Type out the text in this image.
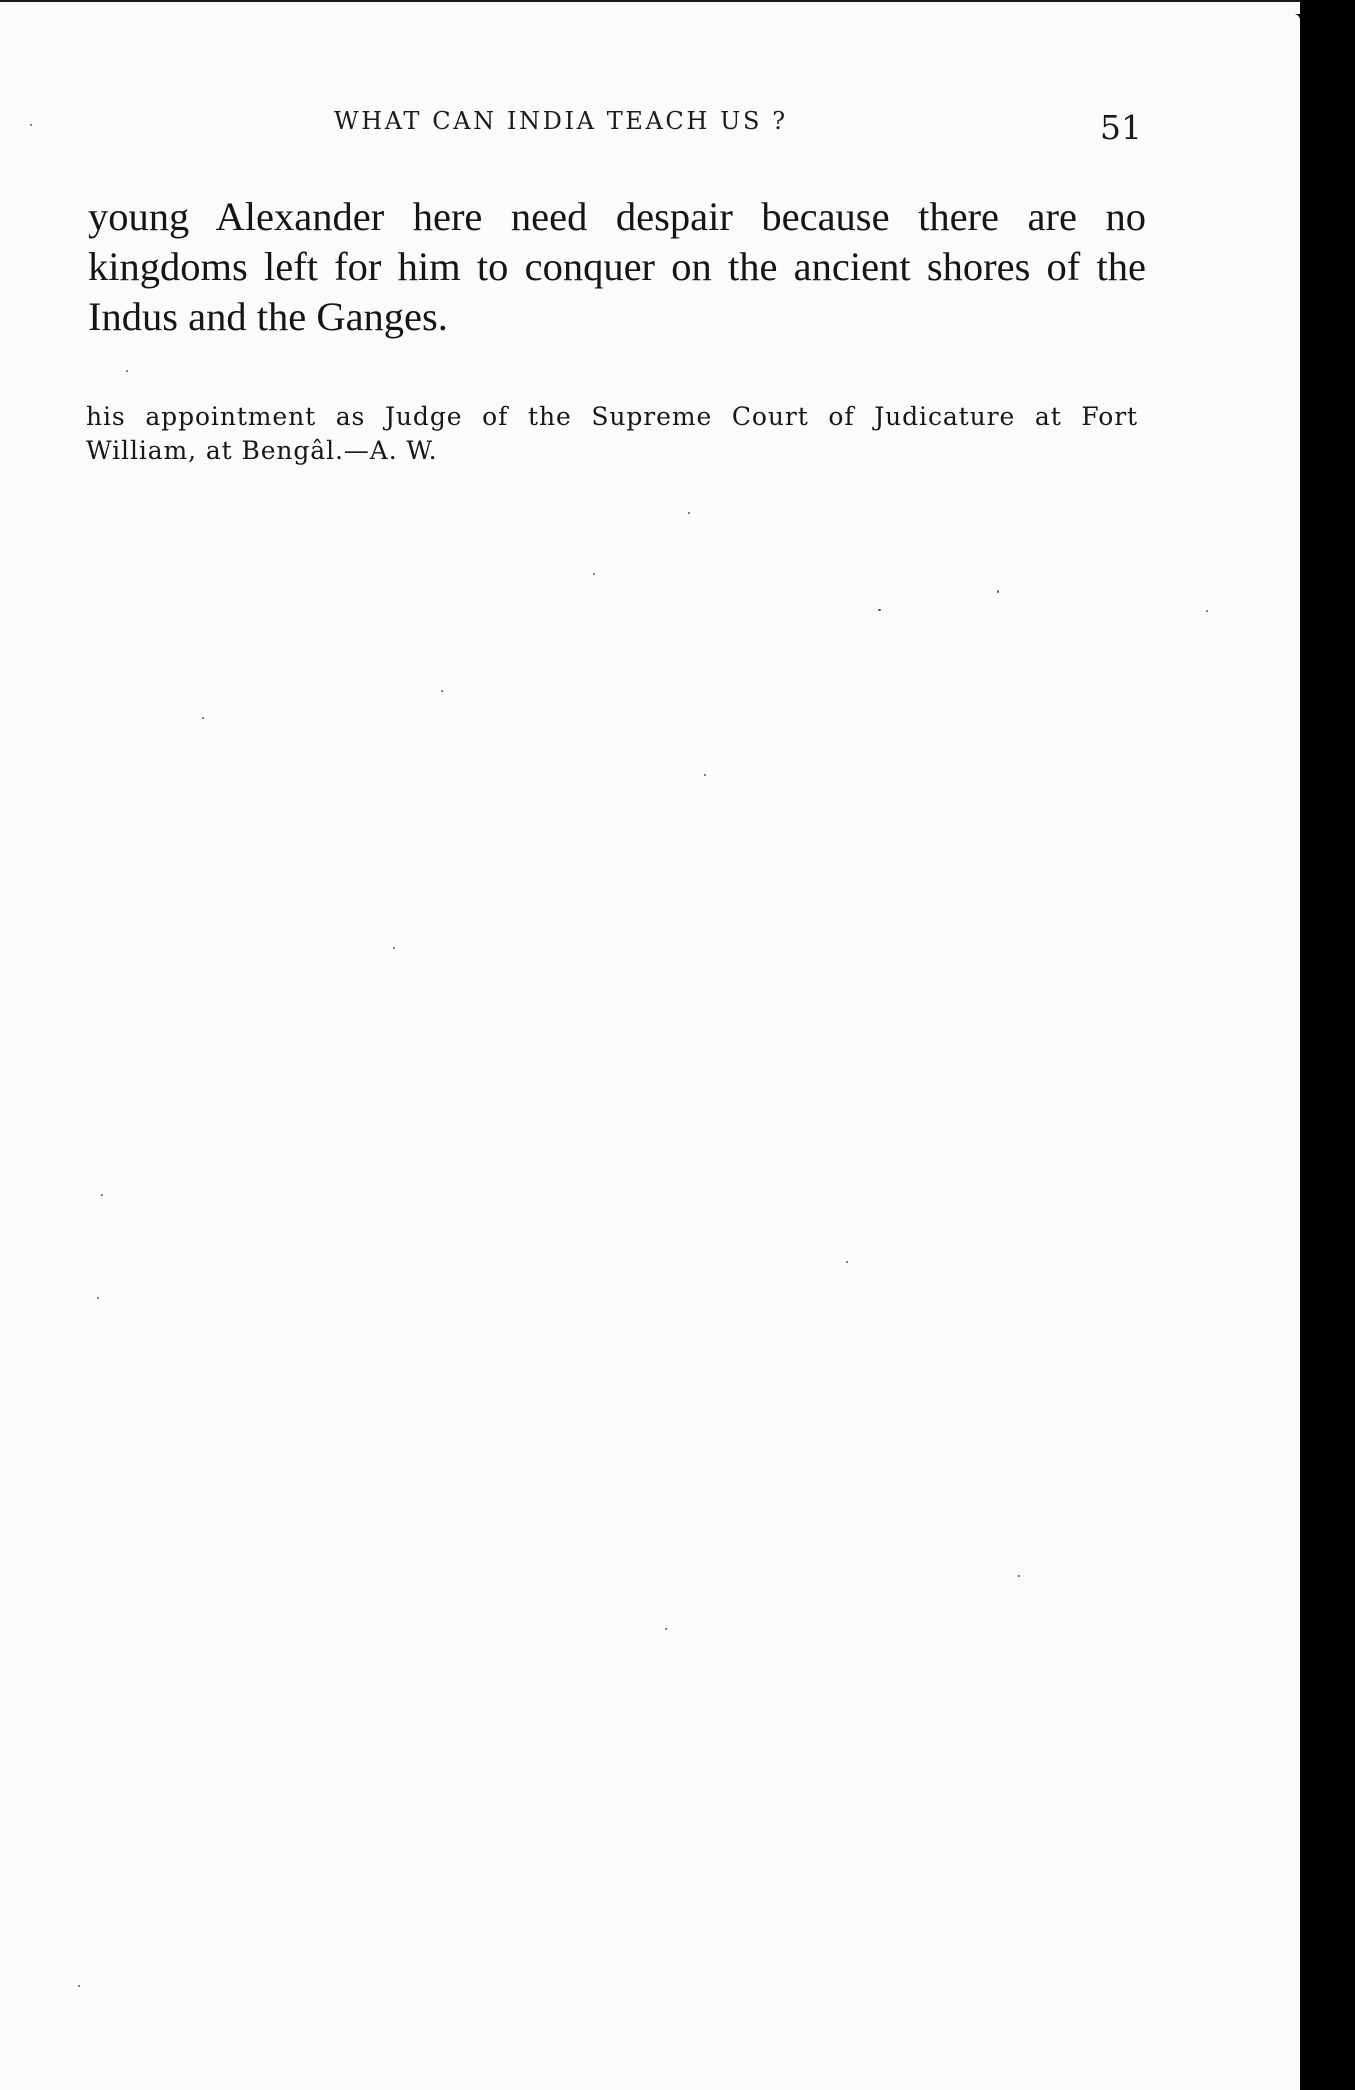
WHAT CAN INDIA TEACH US ?	51

young Alexander here need despair because there are no kingdoms left for him to conquer on the ancient shores of the Indus and the Ganges.

his appointment as Judge of the Supreme Court of Judicature at Fort William, at Bengâl.—A. W.
